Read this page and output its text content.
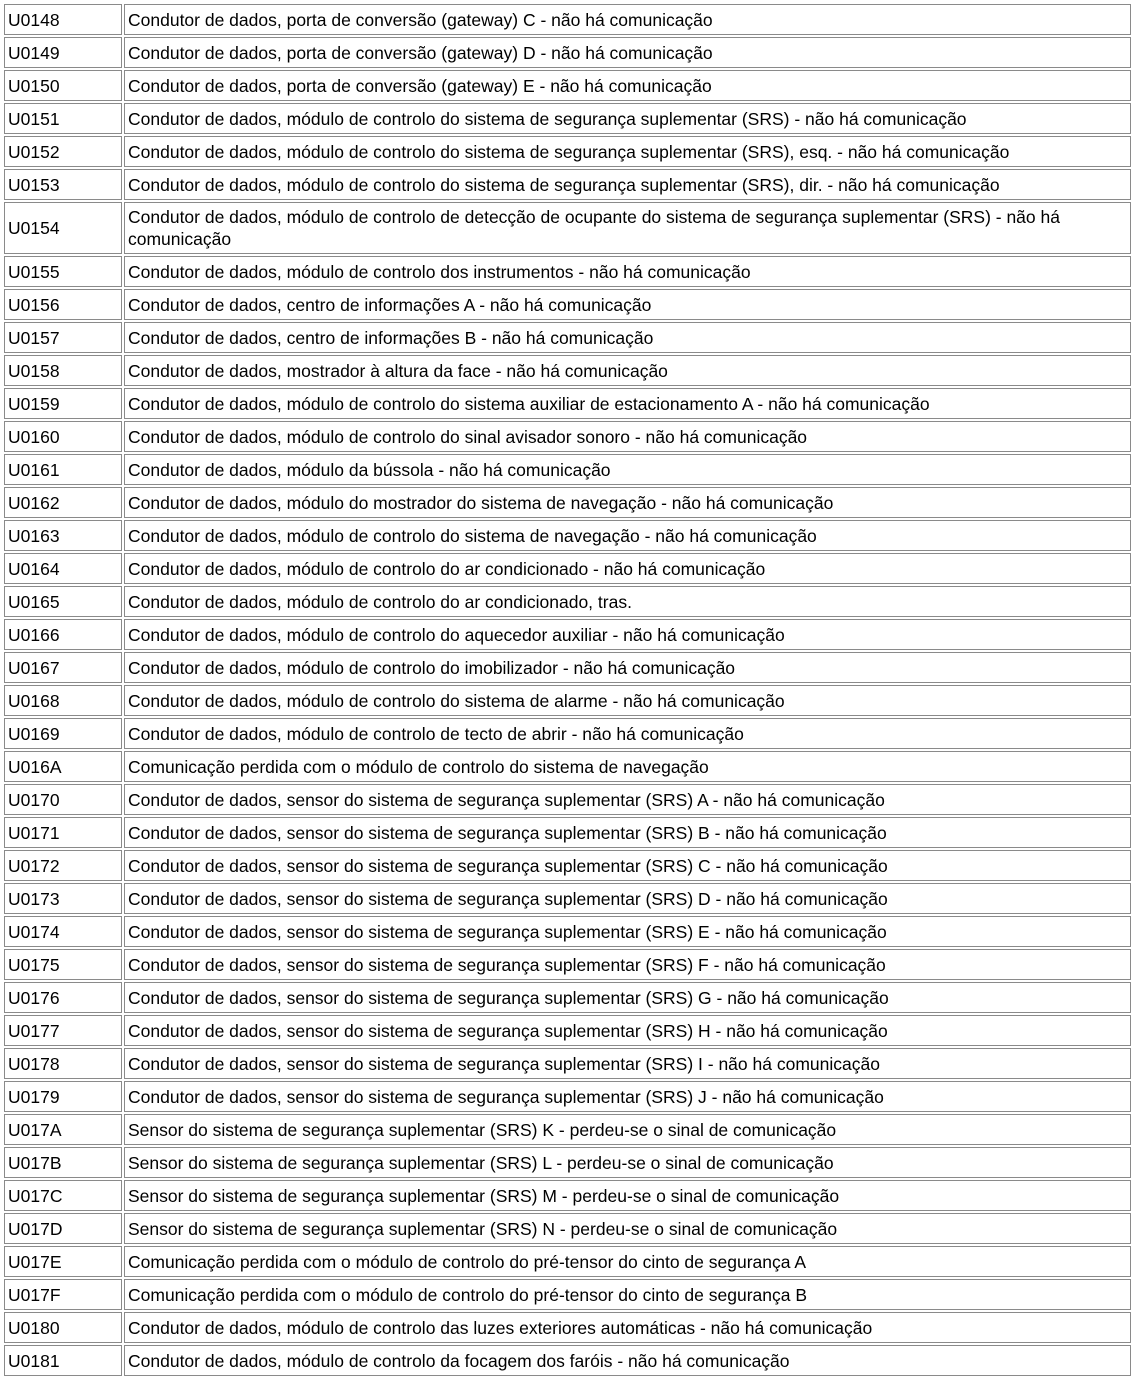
U0148	Condutor de dados, porta de conversão (gateway) C - não há comunicação
U0149	Condutor de dados, porta de conversão (gateway) D - não há comunicação
U0150	Condutor de dados, porta de conversão (gateway) E - não há comunicação
U0151	Condutor de dados, módulo de controlo do sistema de segurança suplementar (SRS) - não há comunicação
U0152	Condutor de dados, módulo de controlo do sistema de segurança suplementar (SRS), esq. - não há comunicação
U0153	Condutor de dados, módulo de controlo do sistema de segurança suplementar (SRS), dir. - não há comunicação
U0154	Condutor de dados, módulo de controlo de detecção de ocupante do sistema de segurança suplementar (SRS) - não há comunicação
U0155	Condutor de dados, módulo de controlo dos instrumentos - não há comunicação
U0156	Condutor de dados, centro de informações A - não há comunicação
U0157	Condutor de dados, centro de informações B - não há comunicação
U0158	Condutor de dados, mostrador à altura da face - não há comunicação
U0159	Condutor de dados, módulo de controlo do sistema auxiliar de estacionamento A - não há comunicação
U0160	Condutor de dados, módulo de controlo do sinal avisador sonoro - não há comunicação
U0161	Condutor de dados, módulo da bússola - não há comunicação
U0162	Condutor de dados, módulo do mostrador do sistema de navegação - não há comunicação
U0163	Condutor de dados, módulo de controlo do sistema de navegação - não há comunicação
U0164	Condutor de dados, módulo de controlo do ar condicionado - não há comunicação
U0165	Condutor de dados, módulo de controlo do ar condicionado, tras.
U0166	Condutor de dados, módulo de controlo do aquecedor auxiliar - não há comunicação
U0167	Condutor de dados, módulo de controlo do imobilizador - não há comunicação
U0168	Condutor de dados, módulo de controlo do sistema de alarme - não há comunicação
U0169	Condutor de dados, módulo de controlo de tecto de abrir - não há comunicação
U016A	Comunicação perdida com o módulo de controlo do sistema de navegação
U0170	Condutor de dados, sensor do sistema de segurança suplementar (SRS) A - não há comunicação
U0171	Condutor de dados, sensor do sistema de segurança suplementar (SRS) B - não há comunicação
U0172	Condutor de dados, sensor do sistema de segurança suplementar (SRS) C - não há comunicação
U0173	Condutor de dados, sensor do sistema de segurança suplementar (SRS) D - não há comunicação
U0174	Condutor de dados, sensor do sistema de segurança suplementar (SRS) E - não há comunicação
U0175	Condutor de dados, sensor do sistema de segurança suplementar (SRS) F - não há comunicação
U0176	Condutor de dados, sensor do sistema de segurança suplementar (SRS) G - não há comunicação
U0177	Condutor de dados, sensor do sistema de segurança suplementar (SRS) H - não há comunicação
U0178	Condutor de dados, sensor do sistema de segurança suplementar (SRS) I - não há comunicação
U0179	Condutor de dados, sensor do sistema de segurança suplementar (SRS) J - não há comunicação
U017A	Sensor do sistema de segurança suplementar (SRS) K - perdeu-se o sinal de comunicação
U017B	Sensor do sistema de segurança suplementar (SRS) L - perdeu-se o sinal de comunicação
U017C	Sensor do sistema de segurança suplementar (SRS) M - perdeu-se o sinal de comunicação
U017D	Sensor do sistema de segurança suplementar (SRS) N - perdeu-se o sinal de comunicação
U017E	Comunicação perdida com o módulo de controlo do pré-tensor do cinto de segurança A
U017F	Comunicação perdida com o módulo de controlo do pré-tensor do cinto de segurança B
U0180	Condutor de dados, módulo de controlo das luzes exteriores automáticas - não há comunicação
U0181	Condutor de dados, módulo de controlo da focagem dos faróis - não há comunicação
